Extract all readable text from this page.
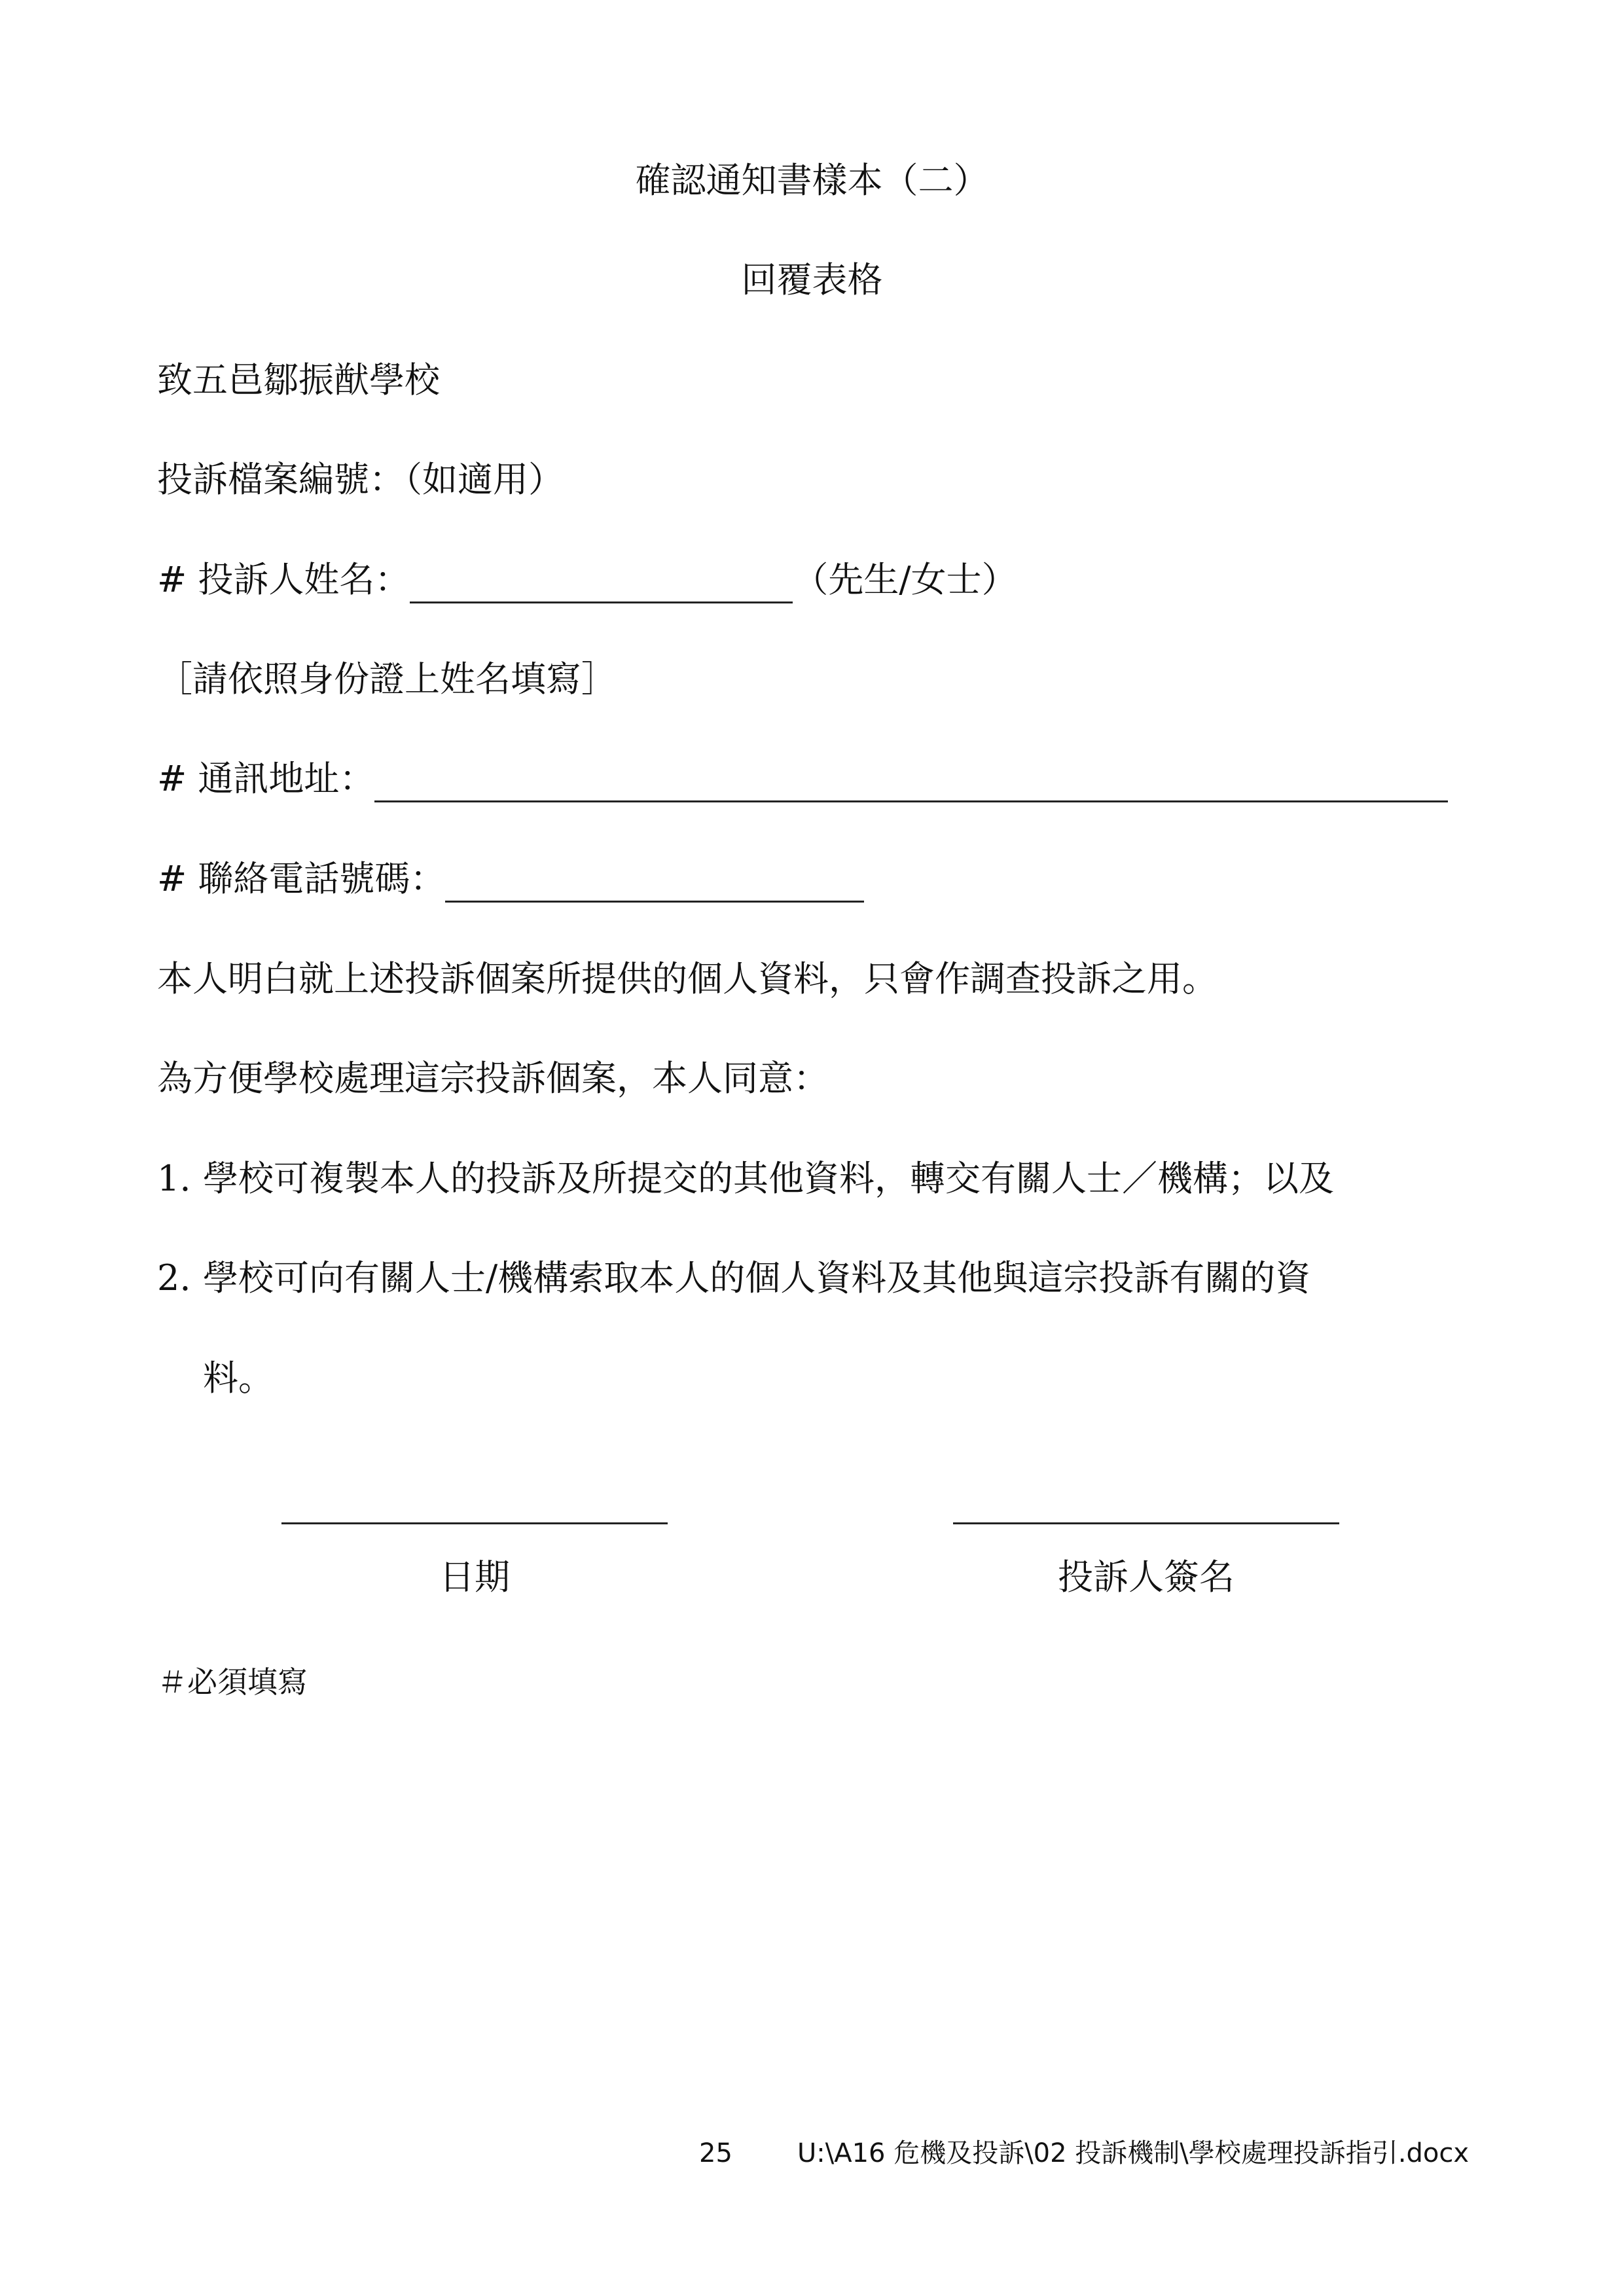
確認通知書樣本（二）
回覆表格
致五邑鄒振猷學校
投訴檔案編號：（如適用）
# 投訴人姓名：	（先生/女士）
［請依照身份證上姓名填寫］
# 通訊地址：
# 聯絡電話號碼：
本人明白就上述投訴個案所提供的個人資料，只會作調查投訴之用。
為方便學校處理這宗投訴個案，本人同意：
1. 學校可複製本人的投訴及所提交的其他資料，轉交有關人士／機構；以及
2. 學校可向有關人士/機構索取本人的個人資料及其他與這宗投訴有關的資
料。
日期	投訴人簽名
＃必須填寫
25 U:\A16 危機及投訴\02 投訴機制\學校處理投訴指引.docx
